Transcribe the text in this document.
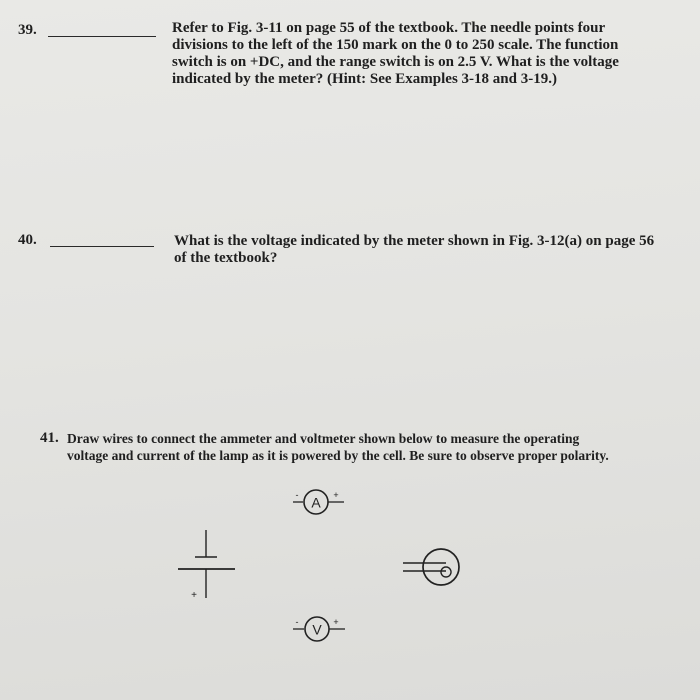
39.	Refer to Fig. 3-11 on page 55 of the textbook. The needle points four
divisions to the left of the 150 mark on the 0 to 250 scale. The function
switch is on +DC, and the range switch is on 2.5 V. What is the voltage
indicated by the meter? (Hint: See Examples 3-18 and 3-19.)
40.	What is the voltage indicated by the meter shown in Fig. 3-12(a) on page 56
of the textbook?
41. Draw wires to connect the ammeter and voltmeter shown below to measure the operating
voltage and current of the lamp as it is powered by the cell. Be sure to observe proper polarity.
- A +
+
- V +
